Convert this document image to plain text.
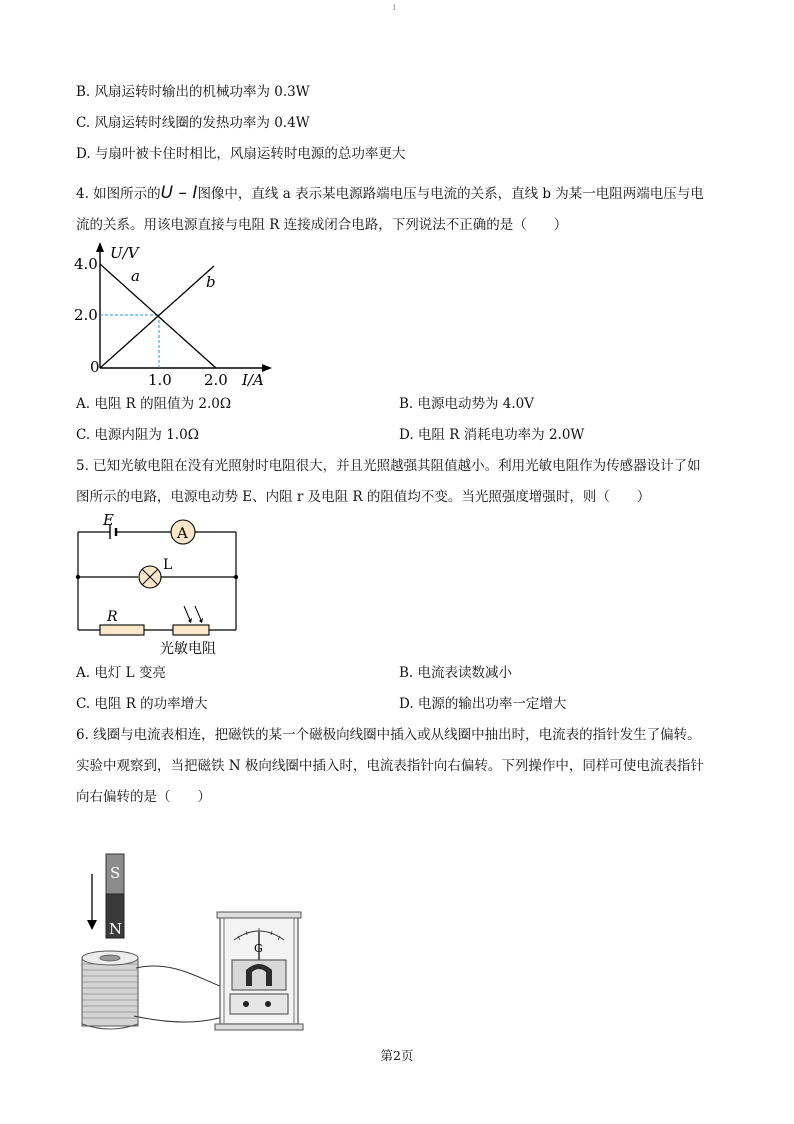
1
B. 风扇运转时输出的机械功率为 0.3W
C. 风扇运转时线圈的发热功率为 0.4W
D. 与扇叶被卡住时相比，风扇运转时电源的总功率更大
4. 如图所示的U – I图像中，直线 a 表示某电源路端电压与电流的关系，直线 b 为某一电阻两端电压与电
流的关系。用该电源直接与电阻 R 连接成闭合电路，下列说法不正确的是（　　）
U/V
4.0
2.0
0
1.0 2.0 I/A
a	b
A. 电阻 R 的阻值为 2.0Ω	B. 电源电动势为 4.0V
C. 电源内阻为 1.0Ω	D. 电阻 R 消耗电功率为 2.0W
5. 已知光敏电阻在没有光照射时电阻很大，并且光照越强其阻值越小。利用光敏电阻作为传感器设计了如
图所示的电路，电源电动势 E、内阻 r 及电阻 R 的阻值均不变。当光照强度增强时，则（　　）
A
E
L
R
光敏电阻
A. 电灯 L 变亮	B. 电流表读数减小
C. 电阻 R 的功率增大	D. 电源的输出功率一定增大
6. 线圈与电流表相连，把磁铁的某一个磁极向线圈中插入或从线圈中抽出时，电流表的指针发生了偏转。
实验中观察到，当把磁铁 N 极向线圈中插入时，电流表指针向右偏转。下列操作中，同样可使电流表指针
向右偏转的是（　　）
S
N
G
第2页
